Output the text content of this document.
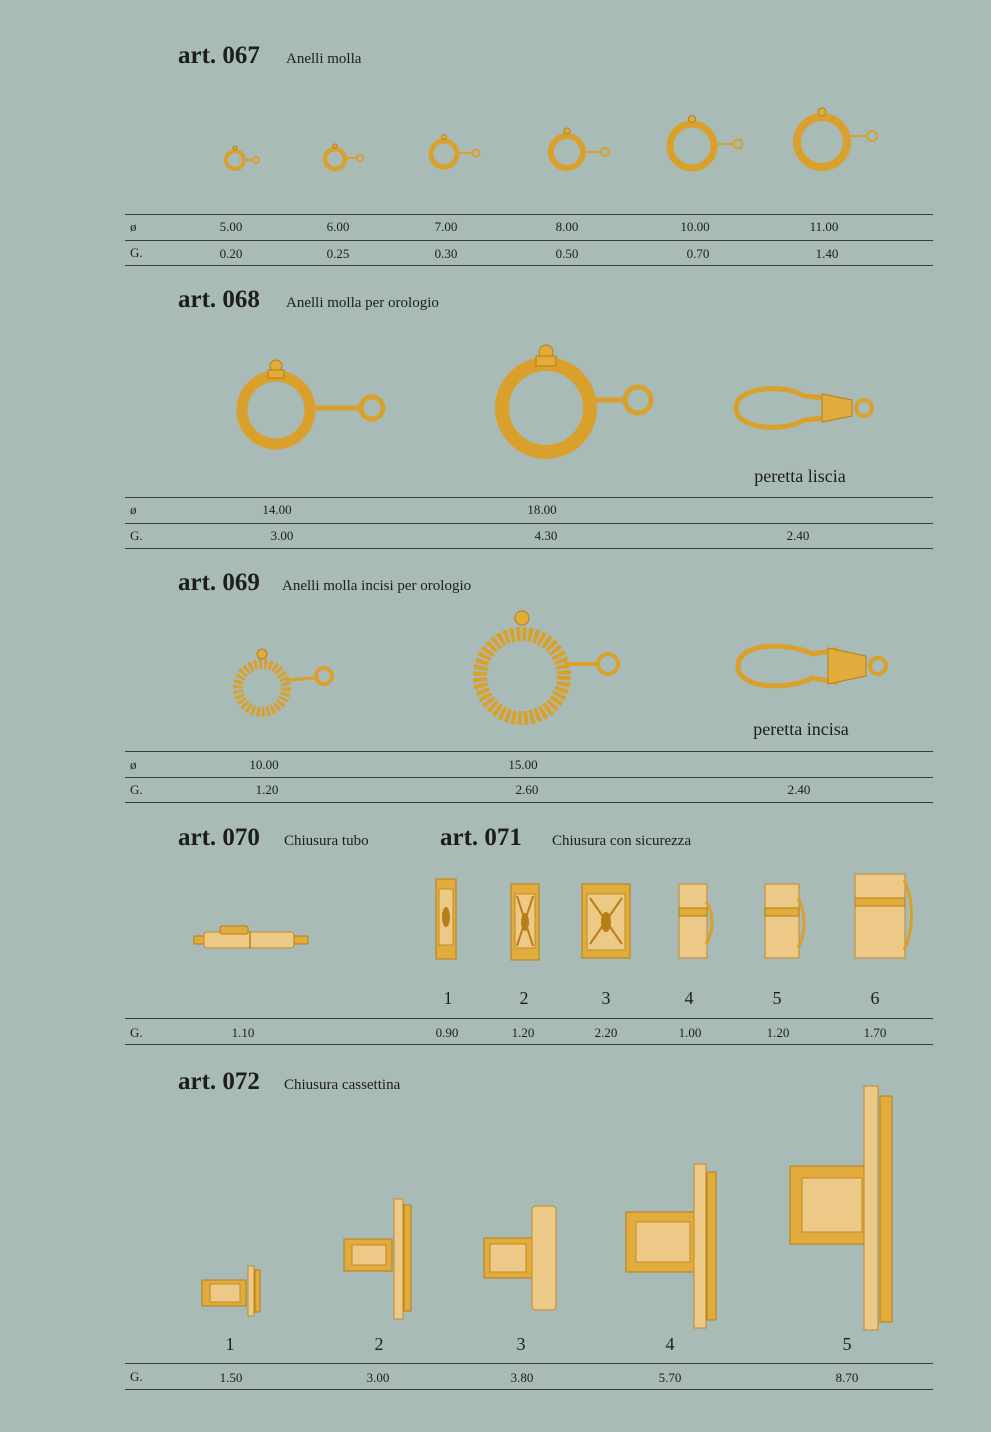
art. 067 Anelli molla
ø	5.00	6.00	7.00	8.00	10.00	11.00
G.	0.20	0.25	0.30	0.50	0.70	1.40
art. 068 Anelli molla per orologio
peretta liscia
ø	14.00	18.00
G.	3.00	4.30	2.40
art. 069 Anelli molla incisi per orologio
peretta incisa
ø	10.00	15.00
G.	1.20	2.60	2.40
art. 070 Chiusura tubo	art. 071 Chiusura con sicurezza
1	2	3	4	5	6
G.	1.10	0.90	1.20	2.20	1.00	1.20	1.70
art. 072 Chiusura cassettina
1	2	3	4	5
G.	1.50	3.00	3.80	5.70	8.70
